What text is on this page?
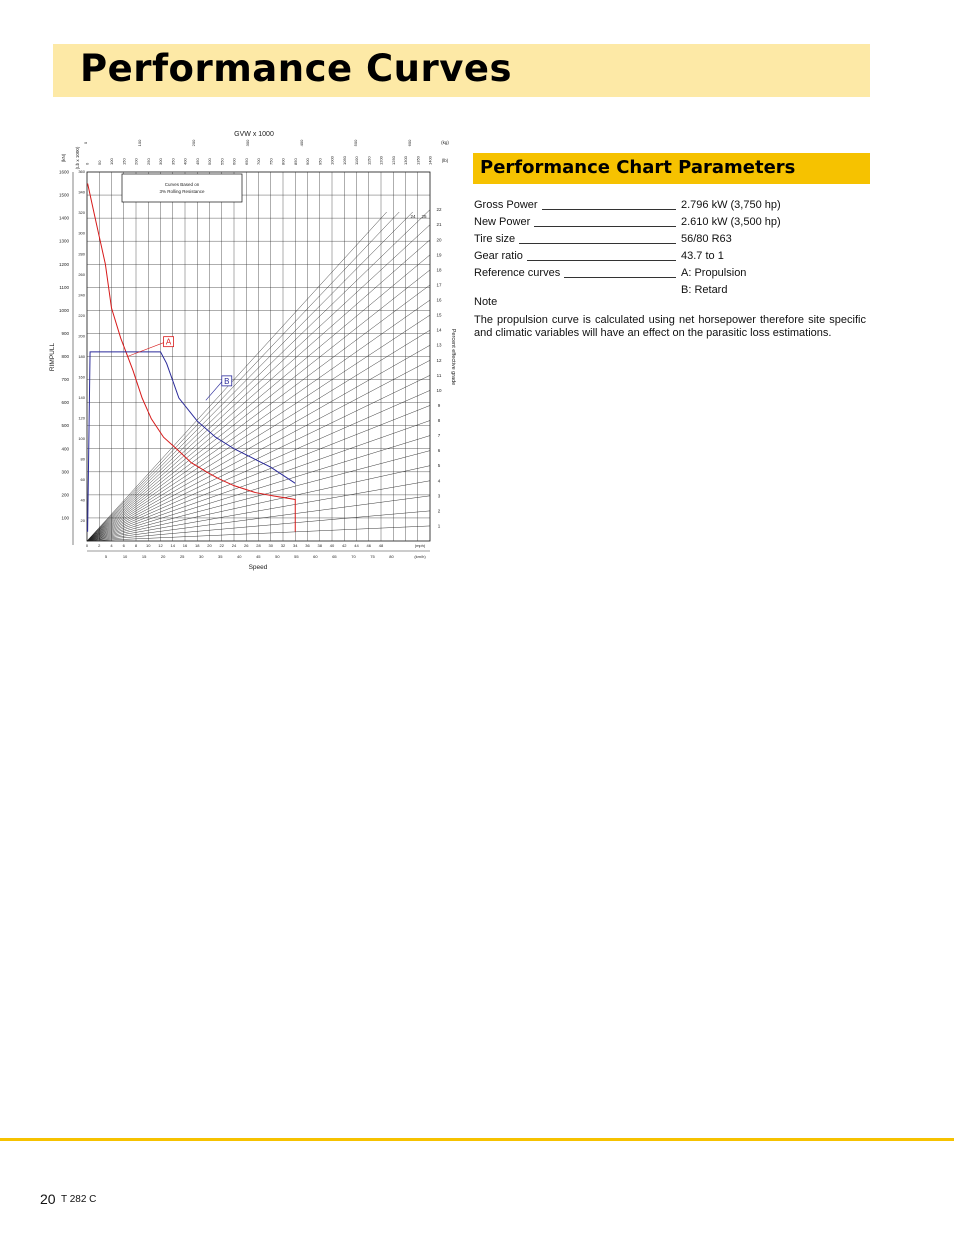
Performance Curves
Curves Based on
3% Rolling Resistance
GVW x 1000
0	100	200	300	400	500	600	(kg)
0 50 100 150 200 250 300 350 400 450 500 550 600 650 700 750 800 850 900 950 1000 1050 1100 1150 1200 1250 1300 1350 1400 (lb)
(kN)
100
200
300
400
500
600
700
800
900
1000
1100
1200
1300
1400
1500
1600
(Lb x 1000)
20
40
60
80
100
120
140
160
180
200
220
240
260
280
300
320
340
360
RIMPULL
1
2
3
4
5
6
7
8
9
10
11
12
13
14
15
16
17
18
19
20
21
22
24 25
Percent effective grade
0	2	4	6	8 10 12 14 16 18 20 22 24 26 28 30 32 34 36 38 40 42 44 46 48	(mph)
5	10	15	20	25	30	35	40	45	50	55	60	65	70	75	80	(km/h)
Speed
A
B
Performance Chart Parameters
Gross Power	2.796 kW (3,750 hp)
New Power	2.610 kW (3,500 hp)
Tire size	56/80 R63
Gear ratio	43.7 to 1
Reference curves	A: Propulsion
B: Retard
Note
The propulsion curve is calculated using net horsepower therefore site specific and climatic variables will have an effect on the parasitic loss estimations.
20 T 282 C
